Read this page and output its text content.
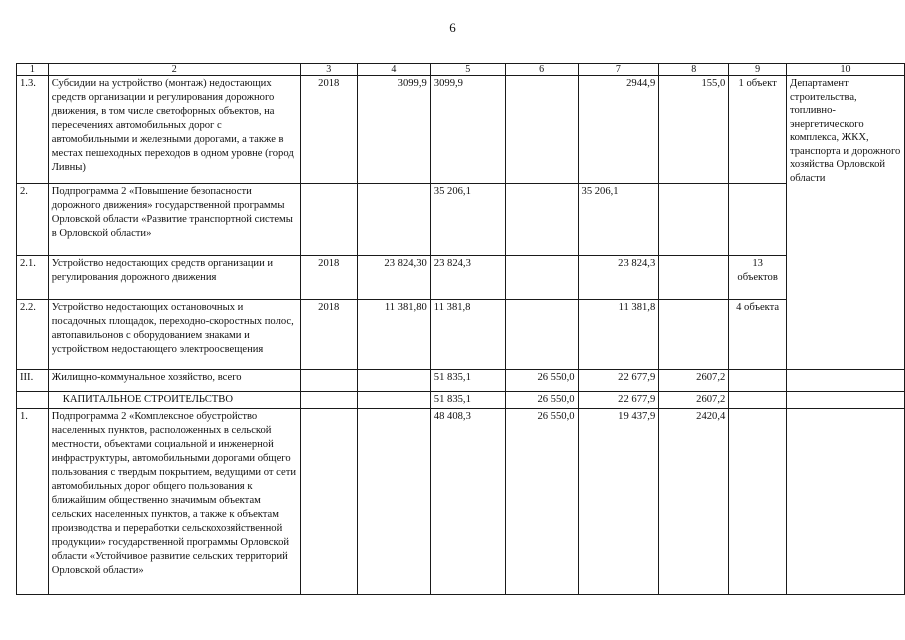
6
1	2	3	4	5	6	7	8	9	10
1.3.	Субсидии на устройство (монтаж) недостающих средств организации и регулирования дорожного движения, в том числе светофорных объектов, на пересечениях автомобильных дорог с автомобильными и железными дорогами, а также в местах пешеходных переходов в одном уровне (город Ливны)	2018	3099,9	3099,9		2944,9	155,0	1 объект	Департамент строительства, топливно-энергетического комплекса, ЖКХ, транспорта и дорожного хозяйства Орловской области
2.	Подпрограмма 2 «Повышение безопасности дорожного движения» государственной программы Орловской области «Развитие транспортной системы в Орловской области»			35 206,1		35 206,1			
2.1.	Устройство недостающих средств организации и регулирования дорожного движения	2018	23 824,30	23 824,3		23 824,3		13 объектов	
2.2.	Устройство недостающих остановочных и посадочных площадок, переходно-скоростных полос, автопавильонов с оборудованием знаками и устройством недостающего электроосвещения	2018	11 381,80	11 381,8		11 381,8		4 объекта	
III.	Жилищно-коммунальное хозяйство, всего			51 835,1	26 550,0	22 677,9	2607,2		
	КАПИТАЛЬНОЕ СТРОИТЕЛЬСТВО			51 835,1	26 550,0	22 677,9	2607,2		
1.	Подпрограмма 2 «Комплексное обустройство населенных пунктов, расположенных в сельской местности, объектами социальной и инженерной инфраструктуры, автомобильными дорогами общего пользования с твердым покрытием, ведущими от сети автомобильных дорог общего пользования к ближайшим общественно значимым объектам сельских населенных пунктов, а также к объектам производства и переработки сельскохозяйственной продукции» государственной программы Орловской области «Устойчивое развитие сельских территорий Орловской области»			48 408,3	26 550,0	19 437,9	2420,4		
